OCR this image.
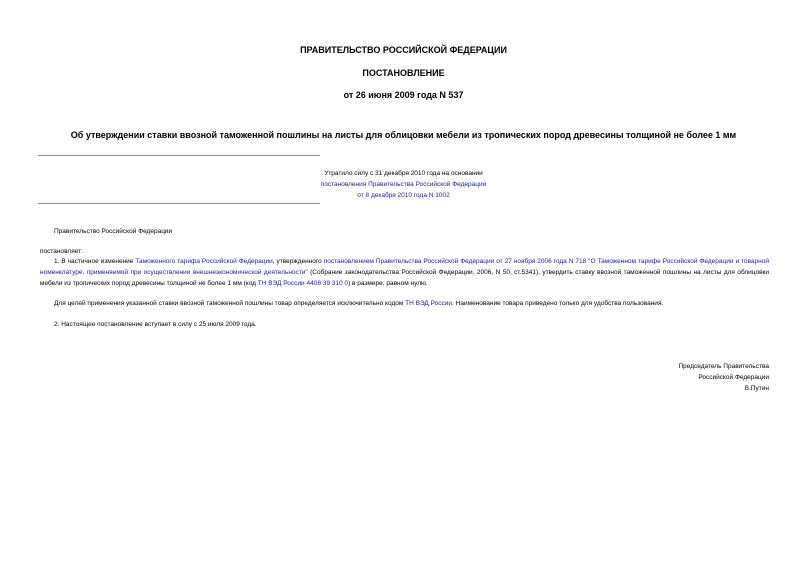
ПРАВИТЕЛЬСТВО РОССИЙСКОЙ ФЕДЕРАЦИИ
ПОСТАНОВЛЕНИЕ
от 26 июня 2009 года N 537
Об утверждении ставки ввозной таможенной пошлины на листы для облицовки мебели из тропических пород древесины толщиной не более 1 мм
Утратило силу с 31 декабря 2010 года на основании
постановления Правительства Российской Федерации
от 8 декабря 2010 года N 1002
Правительство Российской Федерации
постановляет:
1. В частичное изменение Таможенного тарифа Российской Федерации, утвержденного постановлением Правительства Российской Федерации от 27 ноября 2006 года N 718 "О Таможенном тарифе Российской Федерации и товарной номенклатуре, применяемой при осуществлении внешнеэкономической деятельности" (Собрание законодательства Российской Федерации, 2006, N 50, ст.5341), утвердить ставку ввозной таможенной пошлины на листы для облицовки мебели из тропических пород древесины толщиной не более 1 мм (код ТН ВЭД России 4408 39 310 0) в размере, равном нулю.
Для целей применения указанной ставки ввозной таможенной пошлины товар определяется исключительно кодом ТН ВЭД России. Наименование товара приведено только для удобства пользования.
2. Настоящее постановление вступает в силу с 25 июля 2009 года.
Председатель Правительства
Российской Федерации
В.Путин
